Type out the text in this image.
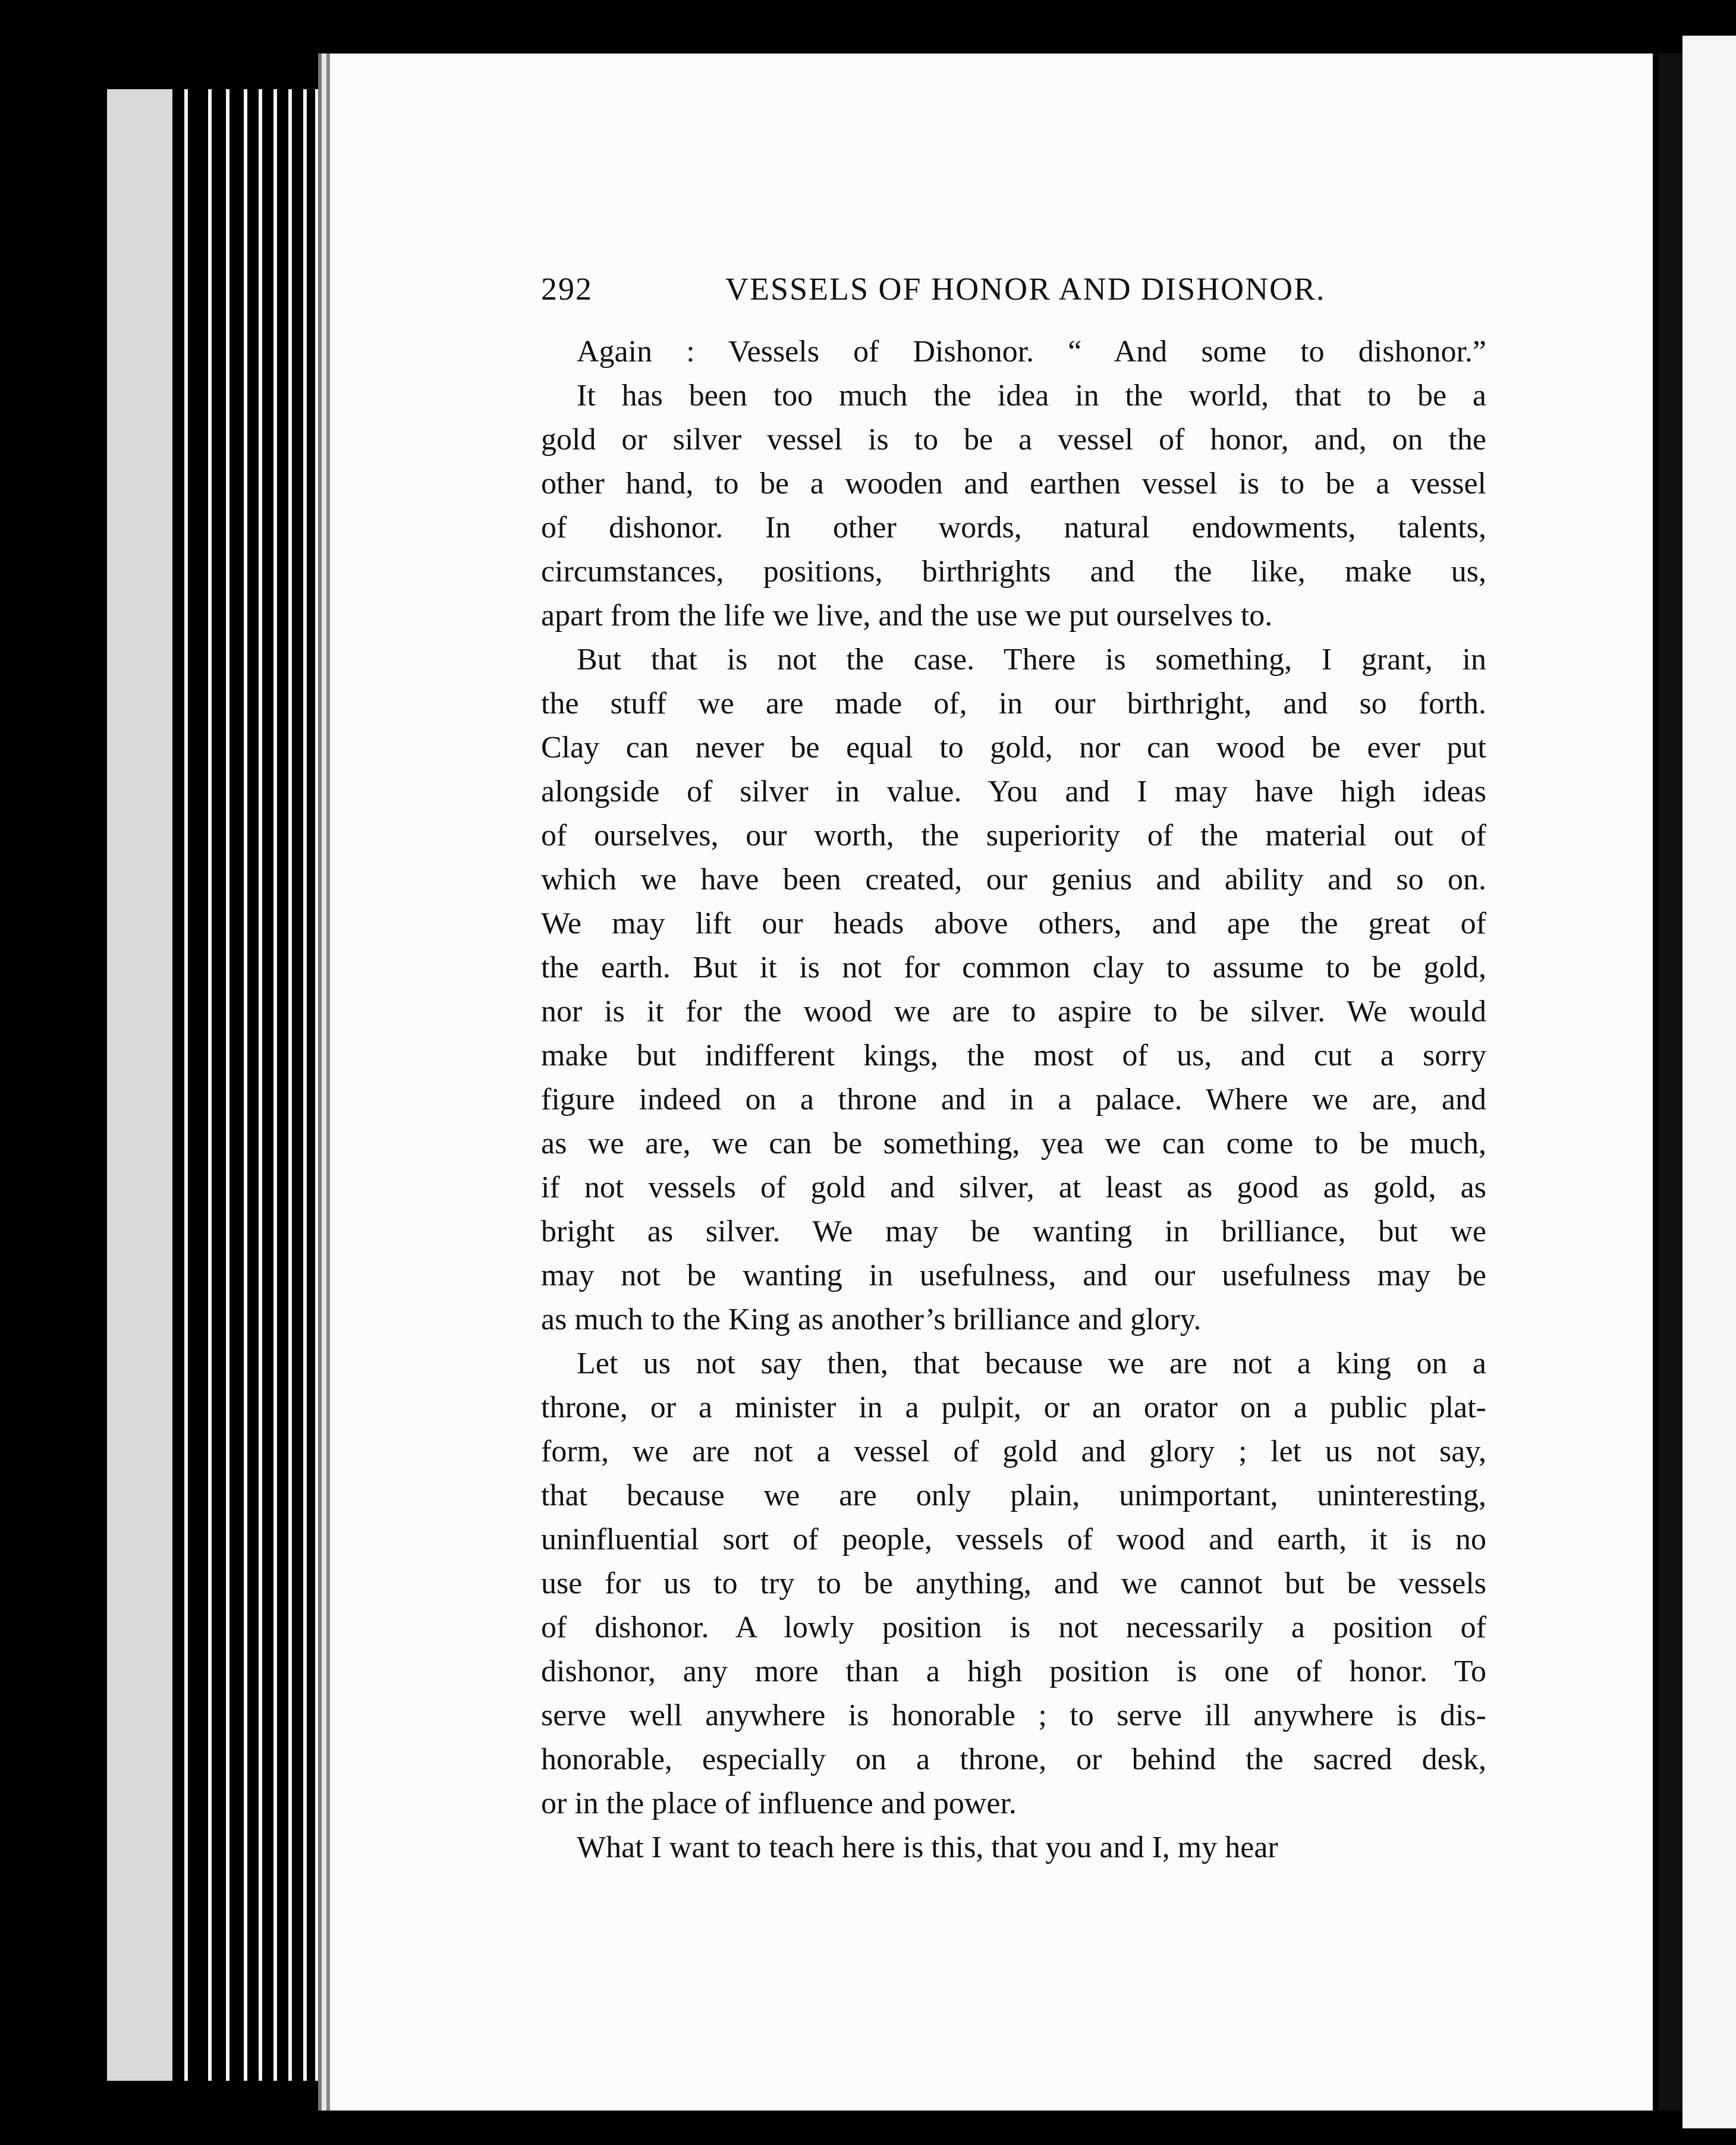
292	VESSELS OF HONOR AND DISHONOR.
Again : Vessels of Dishonor. “ And some to dishonor.”
It has been too much the idea in the world, that to be a
gold or silver vessel is to be a vessel of honor, and, on the
other hand, to be a wooden and earthen vessel is to be a vessel
of dishonor. In other words, natural endowments, talents,
circumstances, positions, birthrights and the like, make us,
apart from the life we live, and the use we put ourselves to.
But that is not the case. There is something, I grant, in
the stuff we are made of, in our birthright, and so forth.
Clay can never be equal to gold, nor can wood be ever put
alongside of silver in value. You and I may have high ideas
of ourselves, our worth, the superiority of the material out of
which we have been created, our genius and ability and so on.
We may lift our heads above others, and ape the great of
the earth. But it is not for common clay to assume to be gold,
nor is it for the wood we are to aspire to be silver. We would
make but indifferent kings, the most of us, and cut a sorry
figure indeed on a throne and in a palace. Where we are, and
as we are, we can be something, yea we can come to be much,
if not vessels of gold and silver, at least as good as gold, as
bright as silver. We may be wanting in brilliance, but we
may not be wanting in usefulness, and our usefulness may be
as much to the King as another’s brilliance and glory.
Let us not say then, that because we are not a king on a
throne, or a minister in a pulpit, or an orator on a public plat-
form, we are not a vessel of gold and glory ; let us not say,
that because we are only plain, unimportant, uninteresting,
uninfluential sort of people, vessels of wood and earth, it is no
use for us to try to be anything, and we cannot but be vessels
of dishonor. A lowly position is not necessarily a position of
dishonor, any more than a high position is one of honor. To
serve well anywhere is honorable ; to serve ill anywhere is dis-
honorable, especially on a throne, or behind the sacred desk,
or in the place of influence and power.
What I want to teach here is this, that you and I, my hear
